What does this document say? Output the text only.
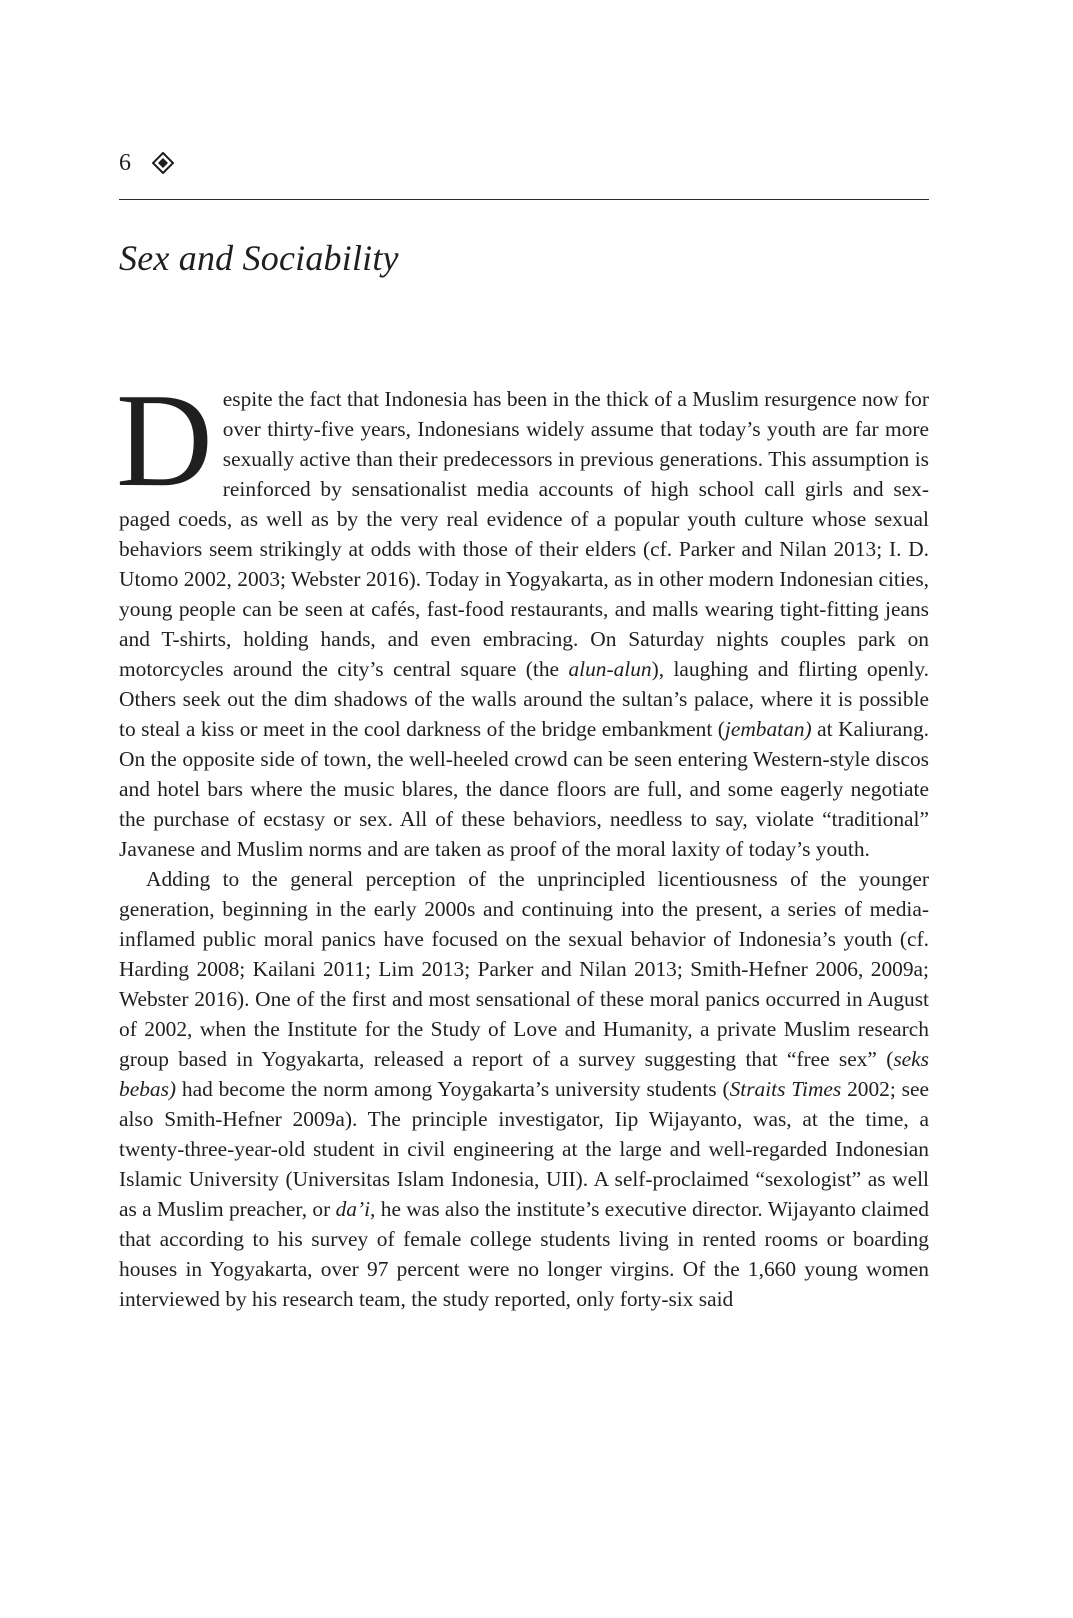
6
Sex and Sociability

Despite the fact that Indonesia has been in the thick of a Muslim resurgence now for over thirty-five years, Indonesians widely assume that today’s youth are far more sexually active than their predecessors in previous generations. This assumption is reinforced by sensationalist media accounts of high school call girls and sex-paged coeds, as well as by the very real evidence of a popular youth culture whose sexual behaviors seem strikingly at odds with those of their elders (cf. Parker and Nilan 2013; I. D. Utomo 2002, 2003; Webster 2016). Today in Yogyakarta, as in other modern Indonesian cities, young people can be seen at cafés, fast-food restaurants, and malls wearing tight-fitting jeans and T-shirts, holding hands, and even embracing. On Saturday nights couples park on motorcycles around the city’s central square (the alun-alun), laughing and flirting openly. Others seek out the dim shadows of the walls around the sultan’s palace, where it is possible to steal a kiss or meet in the cool darkness of the bridge embankment (jembatan) at Kaliurang. On the opposite side of town, the well-heeled crowd can be seen entering Western-style discos and hotel bars where the music blares, the dance floors are full, and some eagerly negotiate the purchase of ecstasy or sex. All of these behaviors, needless to say, violate “traditional” Javanese and Muslim norms and are taken as proof of the moral laxity of today’s youth.

Adding to the general perception of the unprincipled licentiousness of the younger generation, beginning in the early 2000s and continuing into the present, a series of media-inflamed public moral panics have focused on the sexual behavior of Indonesia’s youth (cf. Harding 2008; Kailani 2011; Lim 2013; Parker and Nilan 2013; Smith-Hefner 2006, 2009a; Webster 2016). One of the first and most sensational of these moral panics occurred in August of 2002, when the Institute for the Study of Love and Humanity, a private Muslim research group based in Yogyakarta, released a report of a survey suggesting that “free sex” (seks bebas) had become the norm among Yoygakarta’s university students (Straits Times 2002; see also Smith-Hefner 2009a). The principle investigator, Iip Wijayanto, was, at the time, a twenty-three-year-old student in civil engineering at the large and well-regarded Indonesian Islamic University (Universitas Islam Indonesia, UII). A self-proclaimed “sexologist” as well as a Muslim preacher, or da’i, he was also the institute’s executive director. Wijayanto claimed that according to his survey of female college students living in rented rooms or boarding houses in Yogyakarta, over 97 percent were no longer virgins. Of the 1,660 young women interviewed by his research team, the study reported, only forty-six said
